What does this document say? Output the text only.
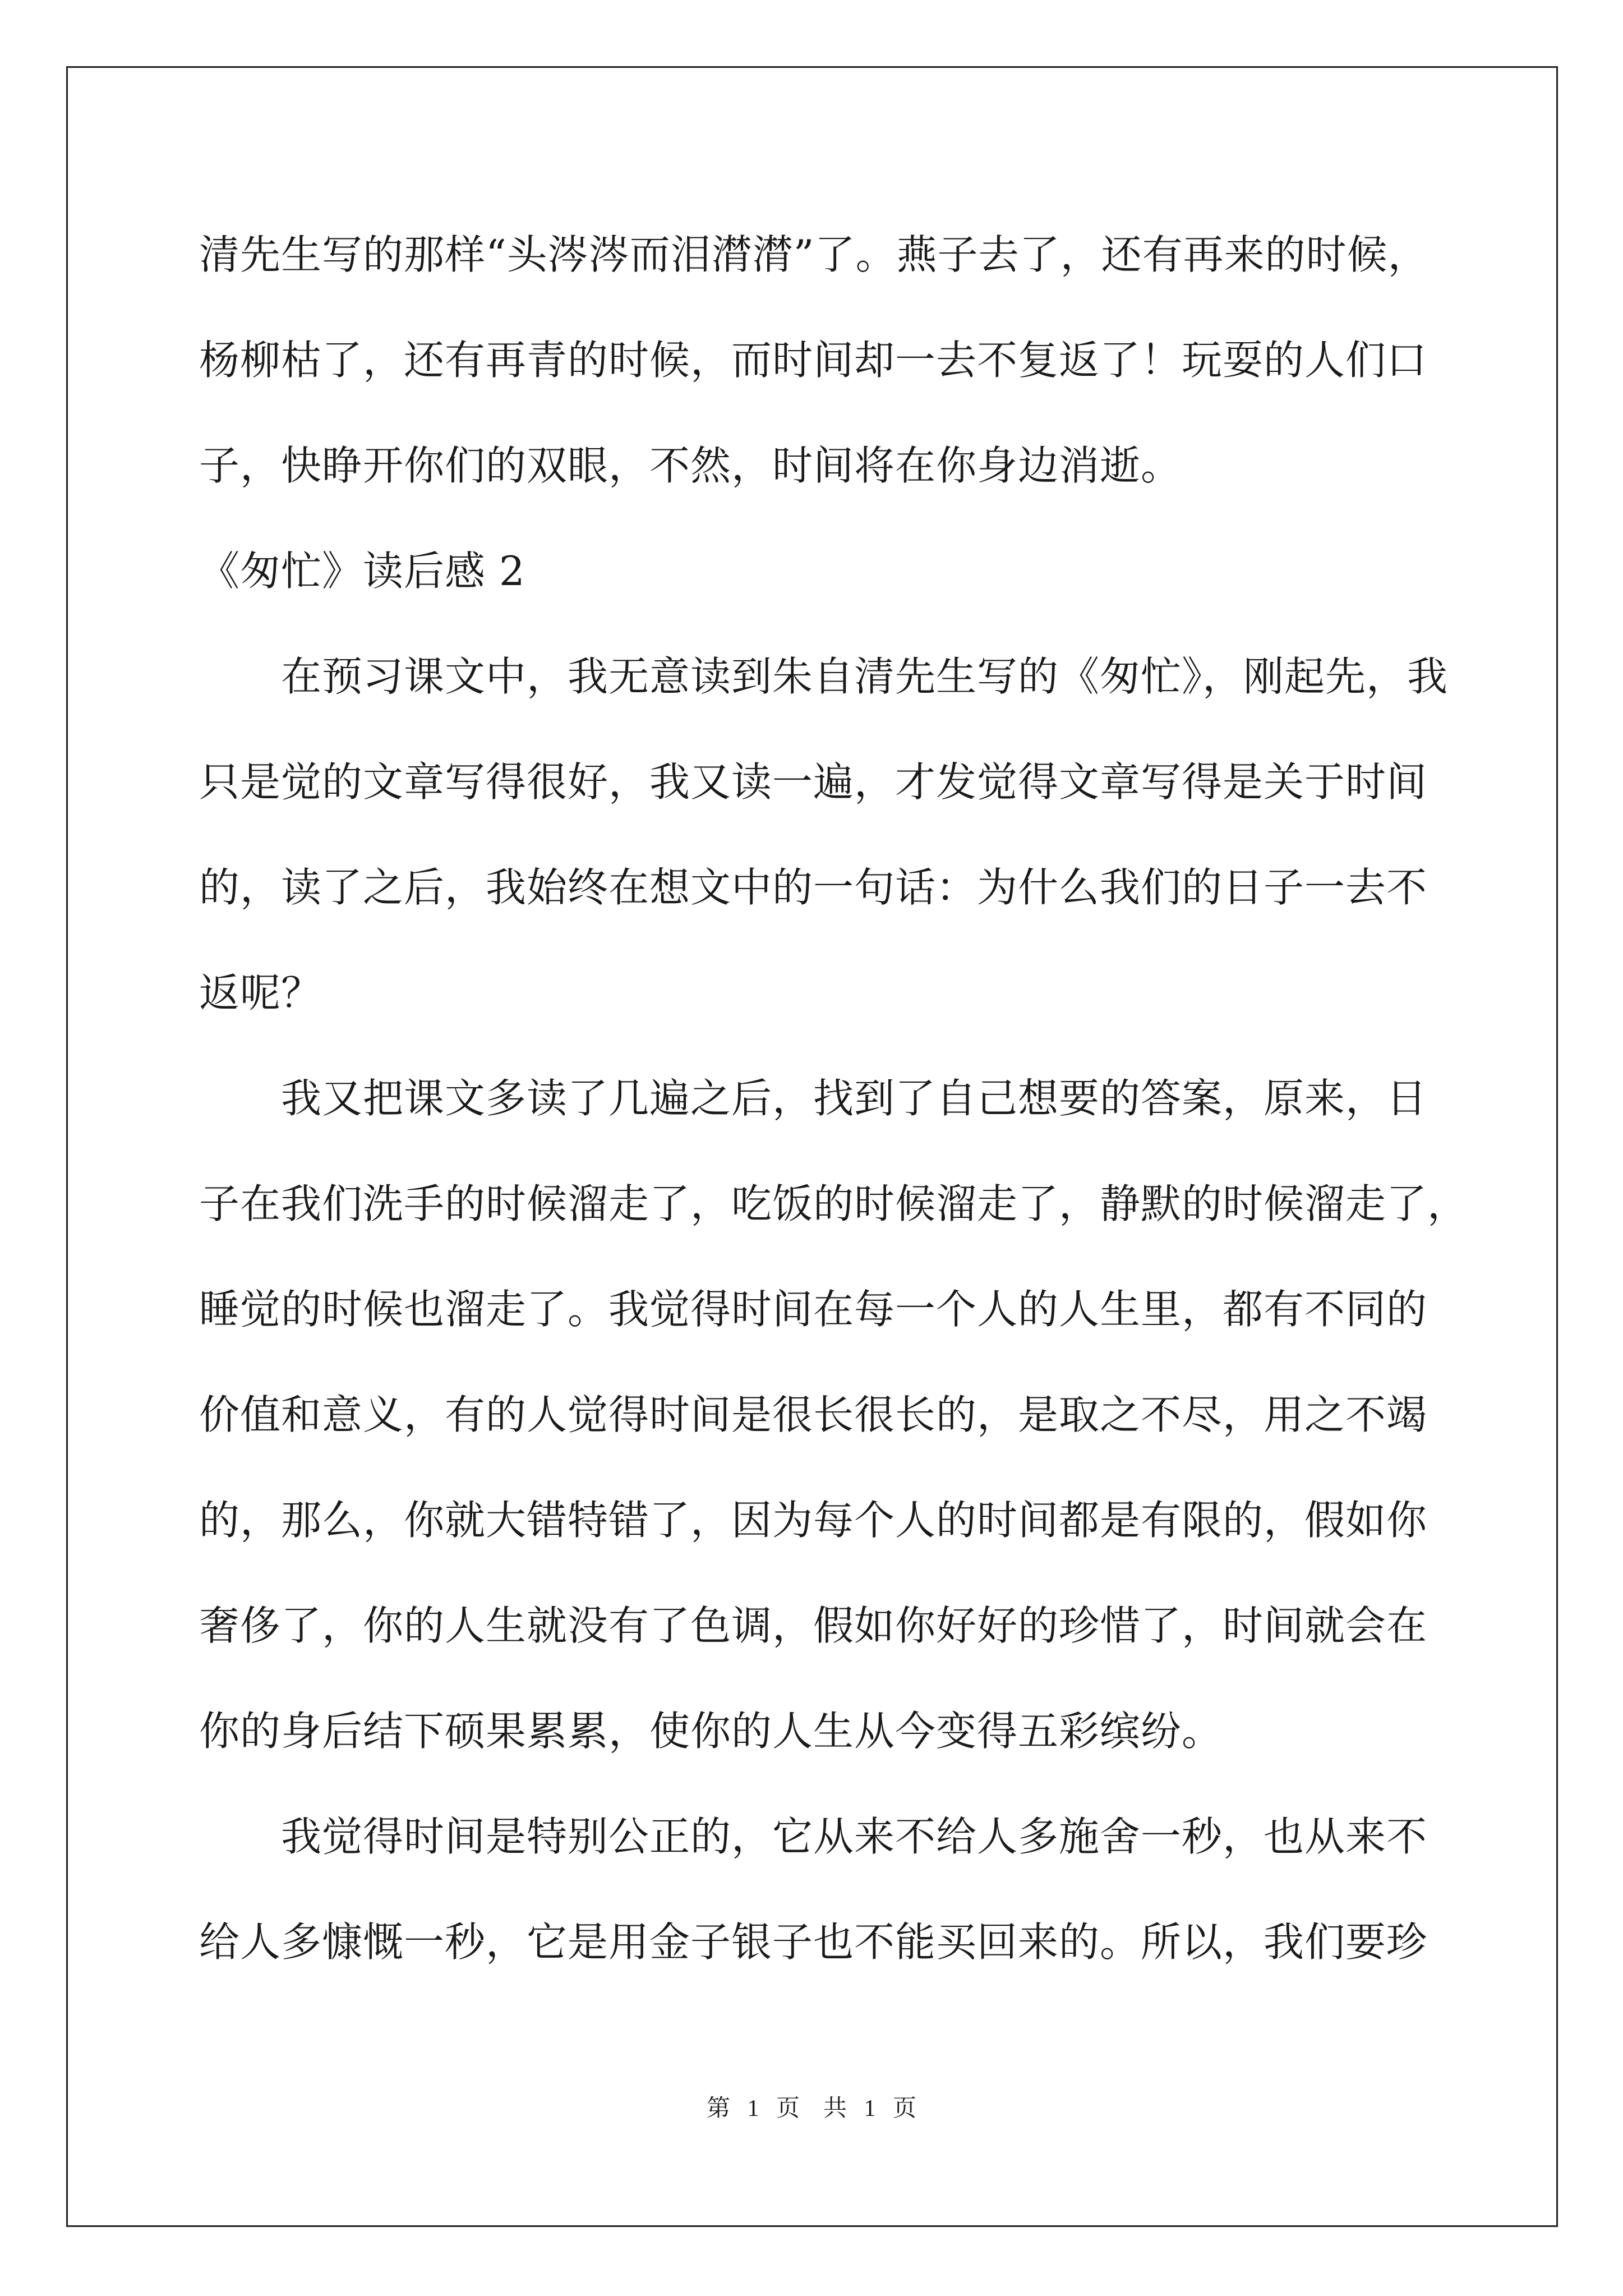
清先生写的那样“头涔涔而泪潸潸”了。燕子去了，还有再来的时候，
杨柳枯了，还有再青的时候，而时间却一去不复返了！玩耍的人们口
子，快睁开你们的双眼，不然，时间将在你身边消逝。
《匆忙》读后感 2
　　在预习课文中，我无意读到朱自清先生写的《匆忙》，刚起先，我
只是觉的文章写得很好，我又读一遍，才发觉得文章写得是关于时间
的，读了之后，我始终在想文中的一句话：为什么我们的日子一去不
返呢？
　　我又把课文多读了几遍之后，找到了自己想要的答案，原来，日
子在我们洗手的时候溜走了，吃饭的时候溜走了，静默的时候溜走了，
睡觉的时候也溜走了。我觉得时间在每一个人的人生里，都有不同的
价值和意义，有的人觉得时间是很长很长的，是取之不尽，用之不竭
的，那么，你就大错特错了，因为每个人的时间都是有限的，假如你
奢侈了，你的人生就没有了色调，假如你好好的珍惜了，时间就会在
你的身后结下硕果累累，使你的人生从今变得五彩缤纷。
　　我觉得时间是特别公正的，它从来不给人多施舍一秒，也从来不
给人多慷慨一秒，它是用金子银子也不能买回来的。所以，我们要珍
第 1 页　共 1 页
